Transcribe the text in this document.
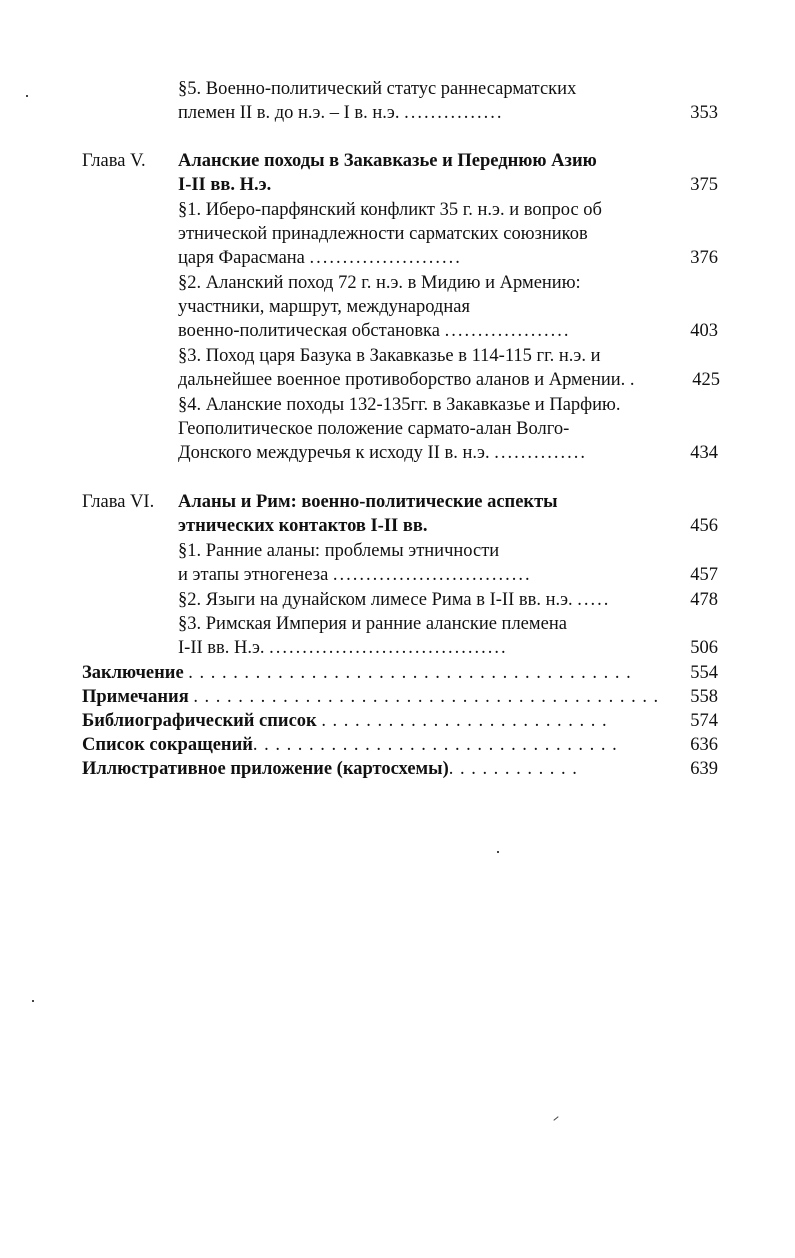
§5. Военно-политический статус раннесарматских
племен II в. до н.э. – I в. н.э. ...............	353
Глава V. Аланские походы в Закавказье и Переднюю Азию
I-II вв. Н.э.	375
§1. Иберо-парфянский конфликт 35 г. н.э. и вопрос об
этнической принадлежности сарматских союзников
царя Фарасмана .......................	376
§2. Аланский поход 72 г. н.э. в Мидию и Армению:
участники, маршрут, международная
военно-политическая обстановка ...................	403
§3. Поход царя Базука в Закавказье в 114-115 гг. н.э. и
дальнейшее военное противоборство аланов и Армении. .	425
§4. Аланские походы 132-135гг. в Закавказье и Парфию.
Геополитическое положение сармато-алан Волго-
Донского междуречья к исходу II в. н.э. ..............	434
Глава VI. Аланы и Рим: военно-политические аспекты
этнических контактов I-II вв.	456
§1. Ранние аланы: проблемы этничности
и этапы этногенеза ..............................	457
§2. Языги на дунайском лимесе Рима в I-II вв. н.э. .....	478
§3. Римская Империя и ранние аланские племена
I-II вв. Н.э. ....................................	506
Заключение ........................................	554
Примечания ..........................................	558
Библиографический список ..........................	574
Список сокращений.................................	636
Иллюстративное приложение (картосхемы)............	639
